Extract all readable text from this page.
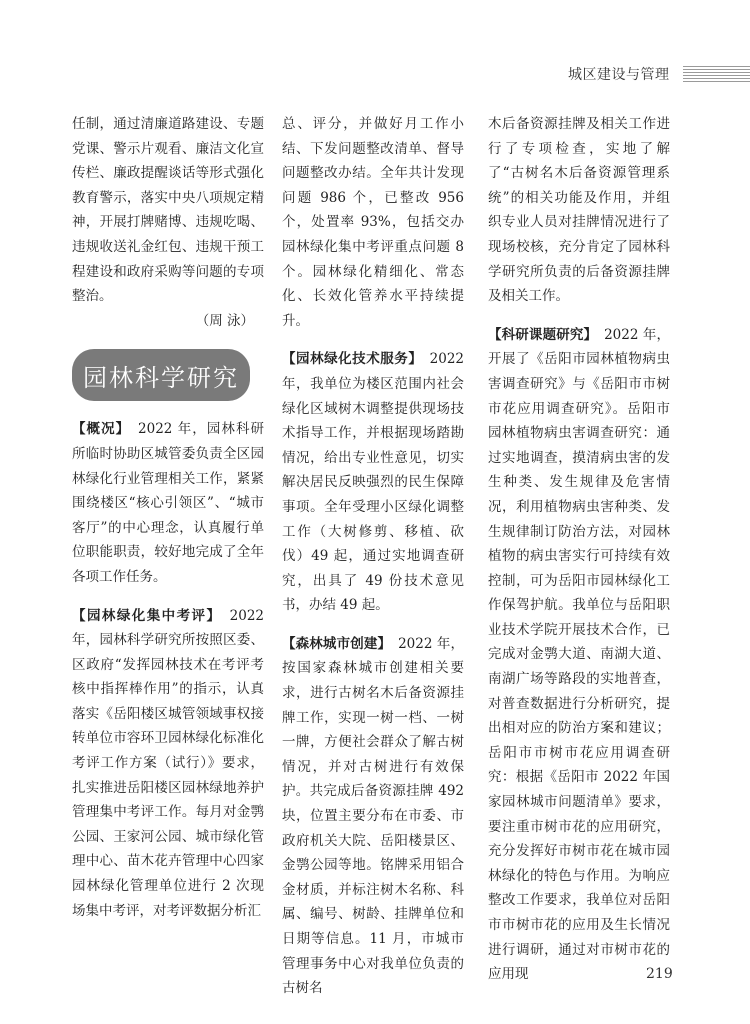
城区建设与管理

任制，通过清廉道路建设、专题党课、警示片观看、廉洁文化宣传栏、廉政提醒谈话等形式强化教育警示，落实中央八项规定精神，开展打牌赌博、违规吃喝、违规收送礼金红包、违规干预工程建设和政府采购等问题的专项整治。

（周 泳）
园林科学研究

【概况】　 2022 年，园林科研所临时协助区城管委负责全区园林绿化行业管理相关工作，紧紧围绕楼区“核心引领区”、“城市客厅”的中心理念，认真履行单位职能职责，较好地完成了全年各项工作任务。

【园林绿化集中考评】　 2022 年，园林科学研究所按照区委、区政府“发挥园林技术在考评考核中指挥棒作用”的指示，认真落实《岳阳楼区城管领域事权接转单位市容环卫园林绿化标准化考评工作方案（试行）》要求，扎实推进岳阳楼区园林绿地养护管理集中考评工作。每月对金鹗公园、王家河公园、城市绿化管理中心、苗木花卉管理中心四家园林绿化管理单位进行 2 次现场集中考评，对考评数据分析汇

总、评分，并做好月工作小结、下发问题整改清单、督导问题整改办结。全年共计发现问题 986 个，已整改 956 个，处置率 93%，包括交办园林绿化集中考评重点问题 8 个。园林绿化精细化、常态化、长效化管养水平持续提升。

【园林绿化技术服务】　 2022 年，我单位为楼区范围内社会绿化区域树木调整提供现场技术指导工作，并根据现场踏勘情况，给出专业性意见，切实解决居民反映强烈的民生保障事项。全年受理小区绿化调整工作（大树修剪、移植、砍伐）49 起，通过实地调查研究，出具了 49 份技术意见书，办结 49 起。

【森林城市创建】　 2022 年，按国家森林城市创建相关要求，进行古树名木后备资源挂牌工作，实现一树一档、一树一牌，方便社会群众了解古树情况，并对古树进行有效保护。共完成后备资源挂牌 492 块，位置主要分布在市委、市政府机关大院、岳阳楼景区、金鹗公园等地。铭牌采用铝合金材质，并标注树木名称、科属、编号、树龄、挂牌单位和日期等信息。11 月，市城市管理事务中心对我单位负责的古树名

木后备资源挂牌及相关工作进行了专项检查，实地了解了“古树名木后备资源管理系统”的相关功能及作用，并组织专业人员对挂牌情况进行了现场校核，充分肯定了园林科学研究所负责的后备资源挂牌及相关工作。

【科研课题研究】　 2022 年，开展了《岳阳市园林植物病虫害调查研究》与《岳阳市市树市花应用调查研究》。岳阳市园林植物病虫害调查研究：通过实地调查，摸清病虫害的发生种类、发生规律及危害情况，利用植物病虫害种类、发生规律制订防治方法，对园林植物的病虫害实行可持续有效控制，可为岳阳市园林绿化工作保驾护航。我单位与岳阳职业技术学院开展技术合作，已完成对金鹗大道、南湖大道、南湖广场等路段的实地普查，对普查数据进行分析研究，提出相对应的防治方案和建议；岳阳市市树市花应用调查研究：根据《岳阳市 2022 年国家园林城市问题清单》要求，要注重市树市花的应用研究，充分发挥好市树市花在城市园林绿化的特色与作用。为响应整改工作要求，我单位对岳阳市市树市花的应用及生长情况进行调研，通过对市树市花的应用现	219
